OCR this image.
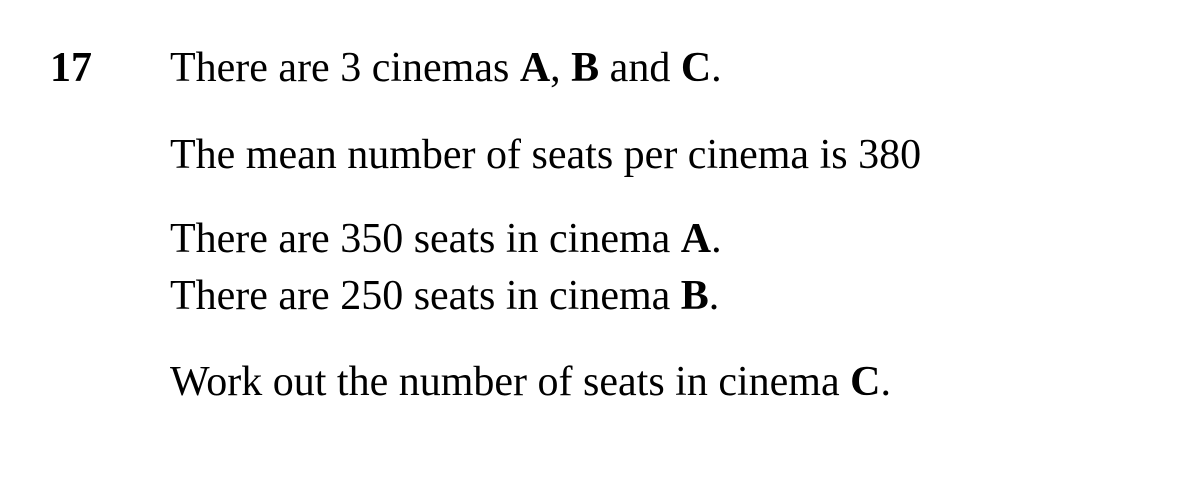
17 There are 3 cinemas A, B and C.
The mean number of seats per cinema is 380
There are 350 seats in cinema A.
There are 250 seats in cinema B.
Work out the number of seats in cinema C.
